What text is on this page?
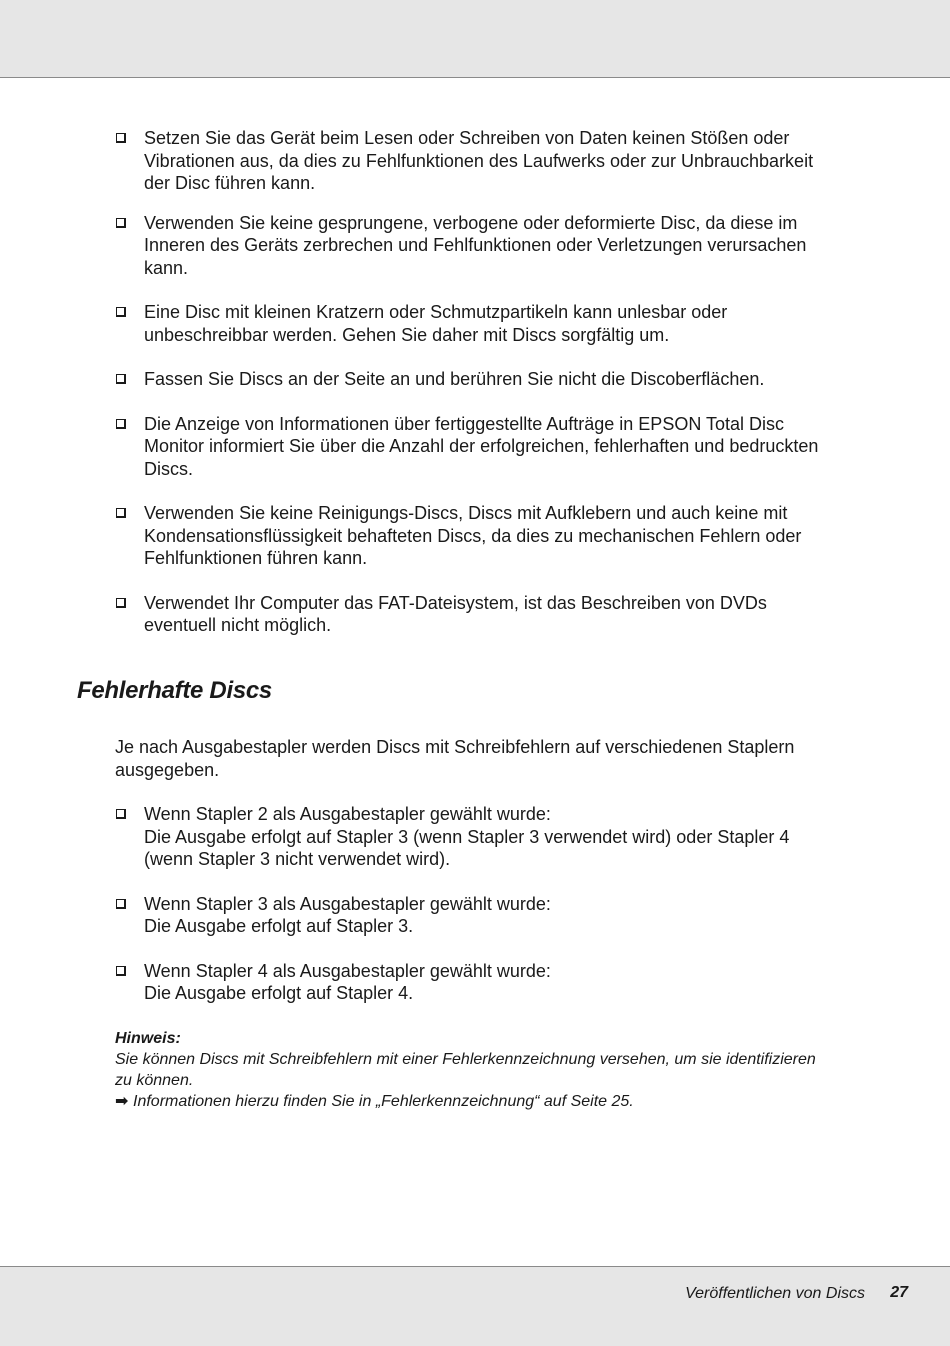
Setzen Sie das Gerät beim Lesen oder Schreiben von Daten keinen Stößen oder
Vibrationen aus, da dies zu Fehlfunktionen des Laufwerks oder zur Unbrauchbarkeit
der Disc führen kann.
Verwenden Sie keine gesprungene, verbogene oder deformierte Disc, da diese im
Inneren des Geräts zerbrechen und Fehlfunktionen oder Verletzungen verursachen
kann.
Eine Disc mit kleinen Kratzern oder Schmutzpartikeln kann unlesbar oder
unbeschreibbar werden. Gehen Sie daher mit Discs sorgfältig um.
Fassen Sie Discs an der Seite an und berühren Sie nicht die Discoberflächen.
Die Anzeige von Informationen über fertiggestellte Aufträge in EPSON Total Disc
Monitor informiert Sie über die Anzahl der erfolgreichen, fehlerhaften und bedruckten
Discs.
Verwenden Sie keine Reinigungs-Discs, Discs mit Aufklebern und auch keine mit
Kondensationsflüssigkeit behafteten Discs, da dies zu mechanischen Fehlern oder
Fehlfunktionen führen kann.
Verwendet Ihr Computer das FAT-Dateisystem, ist das Beschreiben von DVDs
eventuell nicht möglich.
Fehlerhafte Discs

Je nach Ausgabestapler werden Discs mit Schreibfehlern auf verschiedenen Staplern
ausgegeben.

Wenn Stapler 2 als Ausgabestapler gewählt wurde:
Die Ausgabe erfolgt auf Stapler 3 (wenn Stapler 3 verwendet wird) oder Stapler 4
(wenn Stapler 3 nicht verwendet wird).
Wenn Stapler 3 als Ausgabestapler gewählt wurde:
Die Ausgabe erfolgt auf Stapler 3.
Wenn Stapler 4 als Ausgabestapler gewählt wurde:
Die Ausgabe erfolgt auf Stapler 4.
Hinweis:
Sie können Discs mit Schreibfehlern mit einer Fehlerkennzeichnung versehen, um sie identifizieren
zu können.
➡ Informationen hierzu finden Sie in „Fehlerkennzeichnung“ auf Seite 25.
Veröffentlichen von Discs 27
